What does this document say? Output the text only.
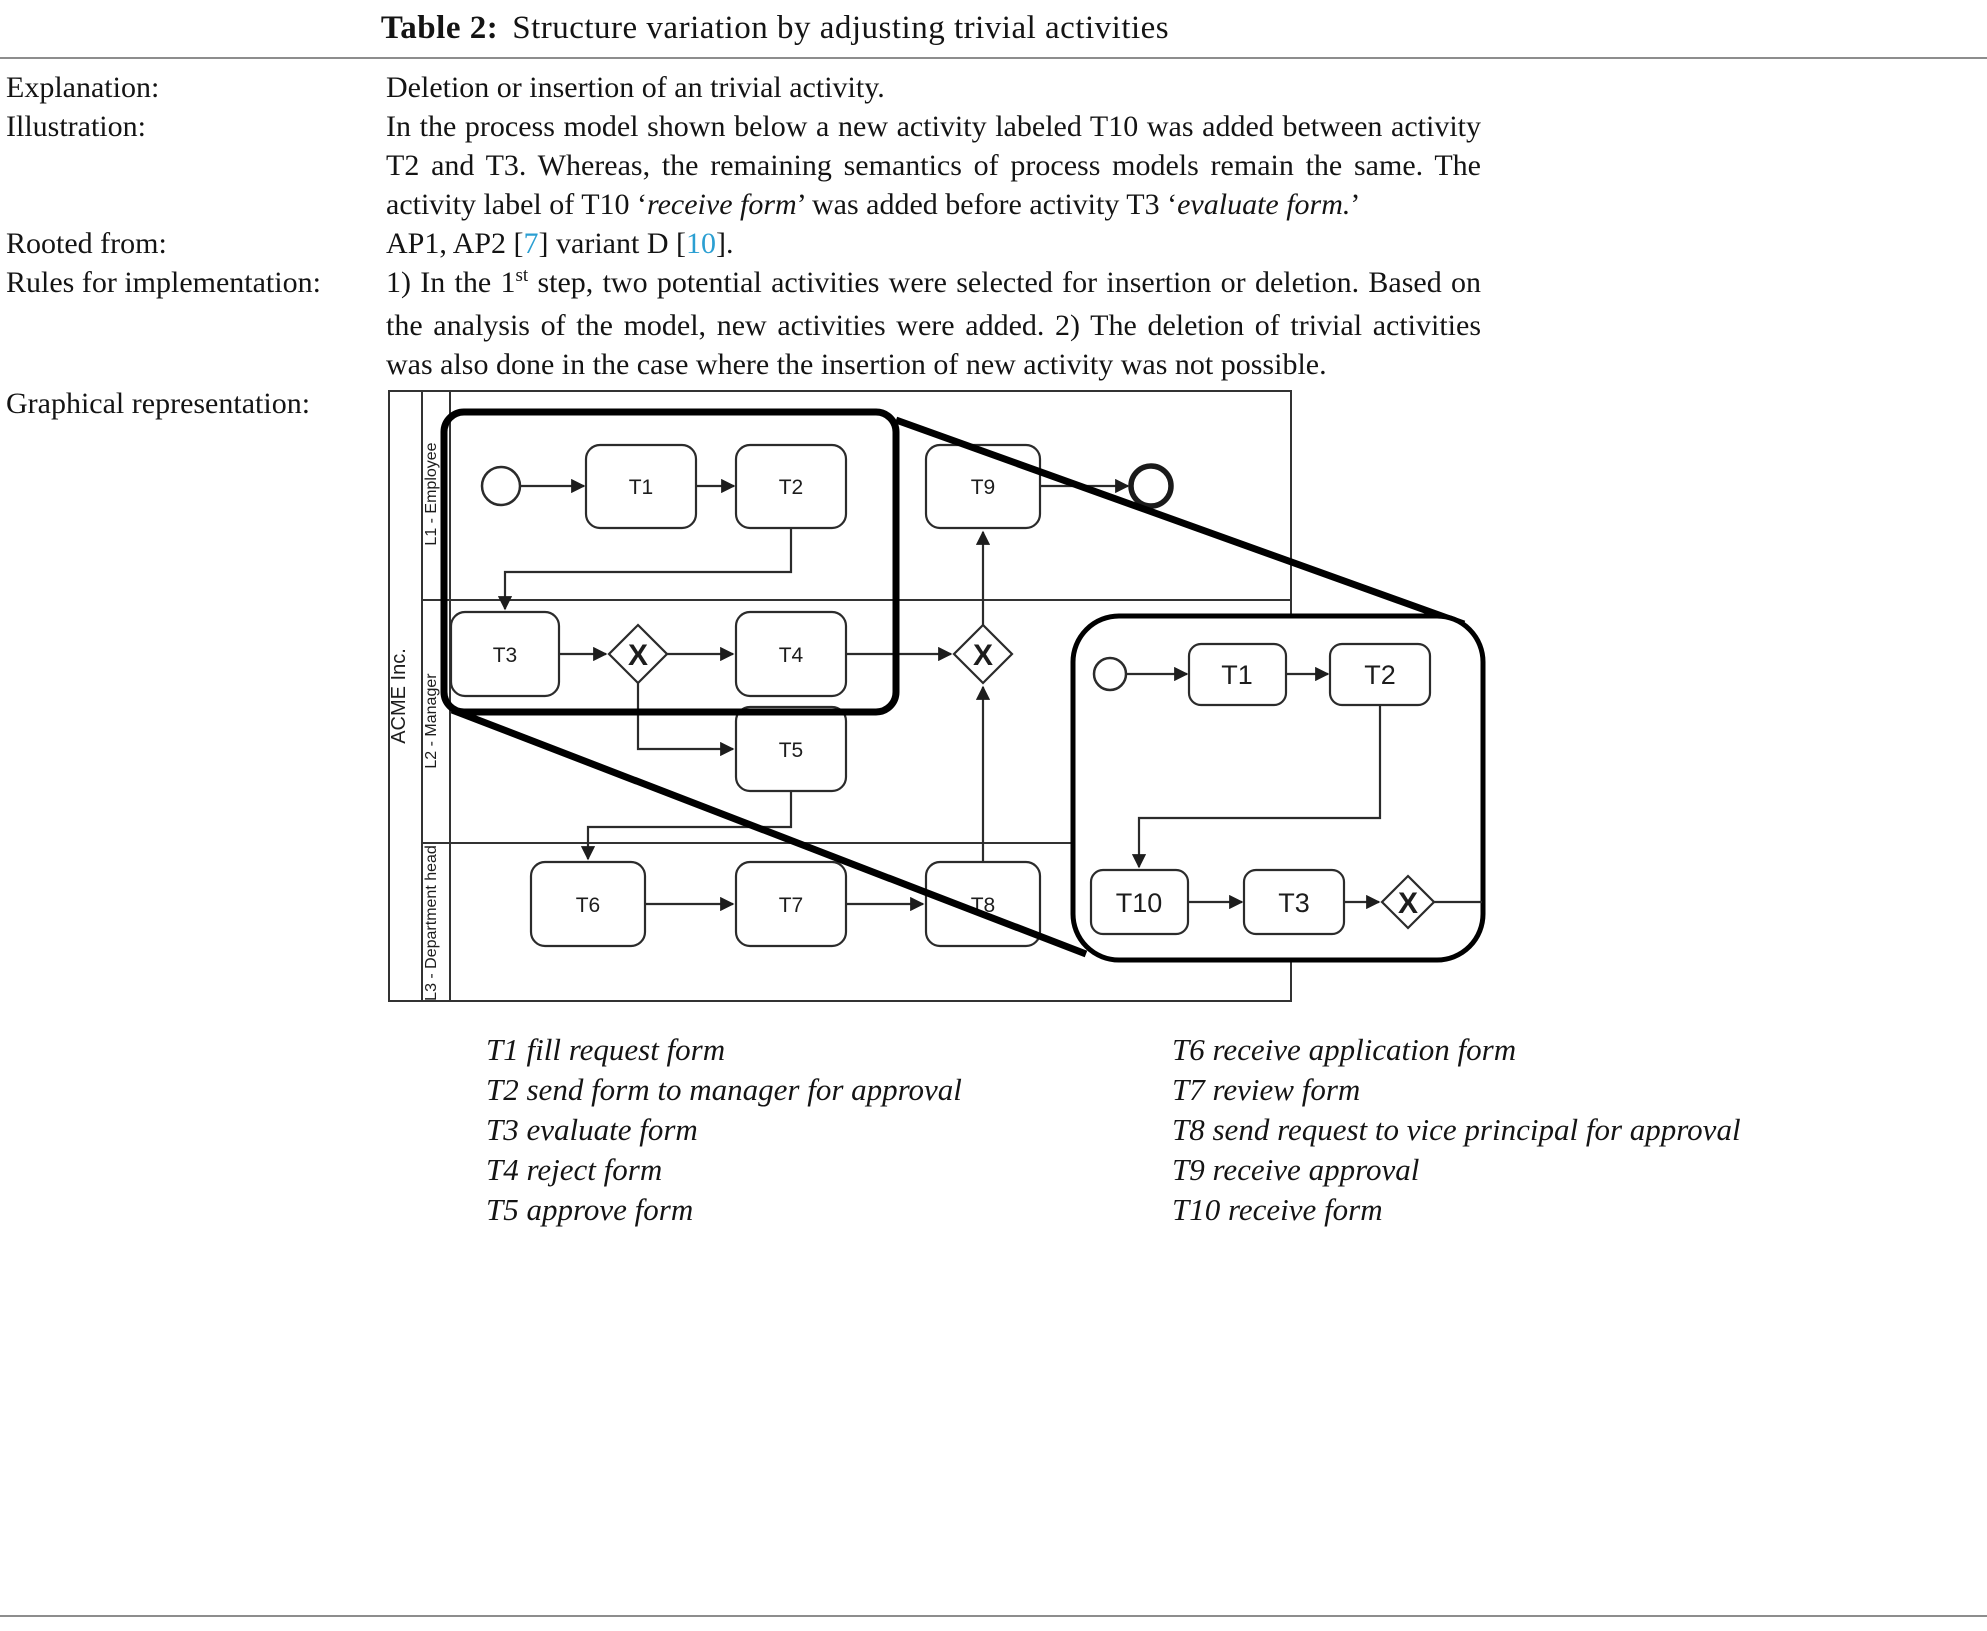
Table 2: Structure variation by adjusting trivial activities
Explanation:	Deletion or insertion of an trivial activity.
Illustration:	In the process model shown below a new activity labeled T10 was added between activity T2 and T3. Whereas, the remaining semantics of process models remain the same. The activity label of T10 ‘receive form’ was added before activity T3 ‘evaluate form.’
Rooted from:	AP1, AP2 [7] variant D [10].
Rules for implementation:	1) In the 1st step, two potential activities were selected for insertion or deletion. Based on the analysis of the model, new activities were added. 2) The deletion of trivial activities was also done in the case where the insertion of new activity was not possible.
Graphical representation:
ACME Inc.
L1 - Employee
L2 - Manager
L3 - Department head
T1	T2	T9
T3	T4
T5
T6	T7	T8
X	X
T1	T2
T10	T3	X
T1 fill request form
T2 send form to manager for approval
T3 evaluate form
T4 reject form
T5 approve form
T6 receive application form
T7 review form
T8 send request to vice principal for approval
T9 receive approval
T10 receive form
